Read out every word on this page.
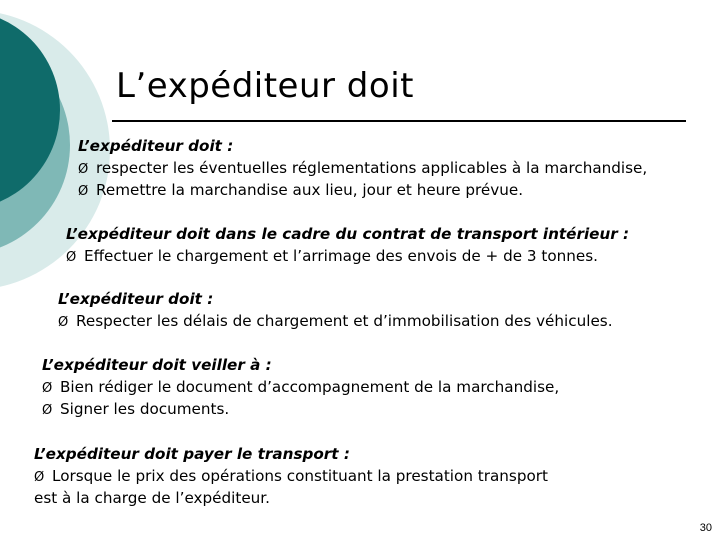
L’expéditeur doit
L’expéditeur doit :
Ø respecter les éventuelles réglementations applicables à la marchandise,
Ø Remettre la marchandise aux lieu, jour et heure prévue.
L’expéditeur doit dans le cadre du contrat de transport intérieur :
Ø Effectuer le chargement et l’arrimage des envois de + de 3 tonnes.
L’expéditeur doit :
Ø Respecter les délais de chargement et d’immobilisation des véhicules.
L’expéditeur doit veiller à :
Ø Bien rédiger le document d’accompagnement de la marchandise,
Ø Signer les documents.
L’expéditeur doit payer le transport :
Ø Lorsque le prix des opérations constituant la prestation transport
est à la charge de l’expéditeur.
30
